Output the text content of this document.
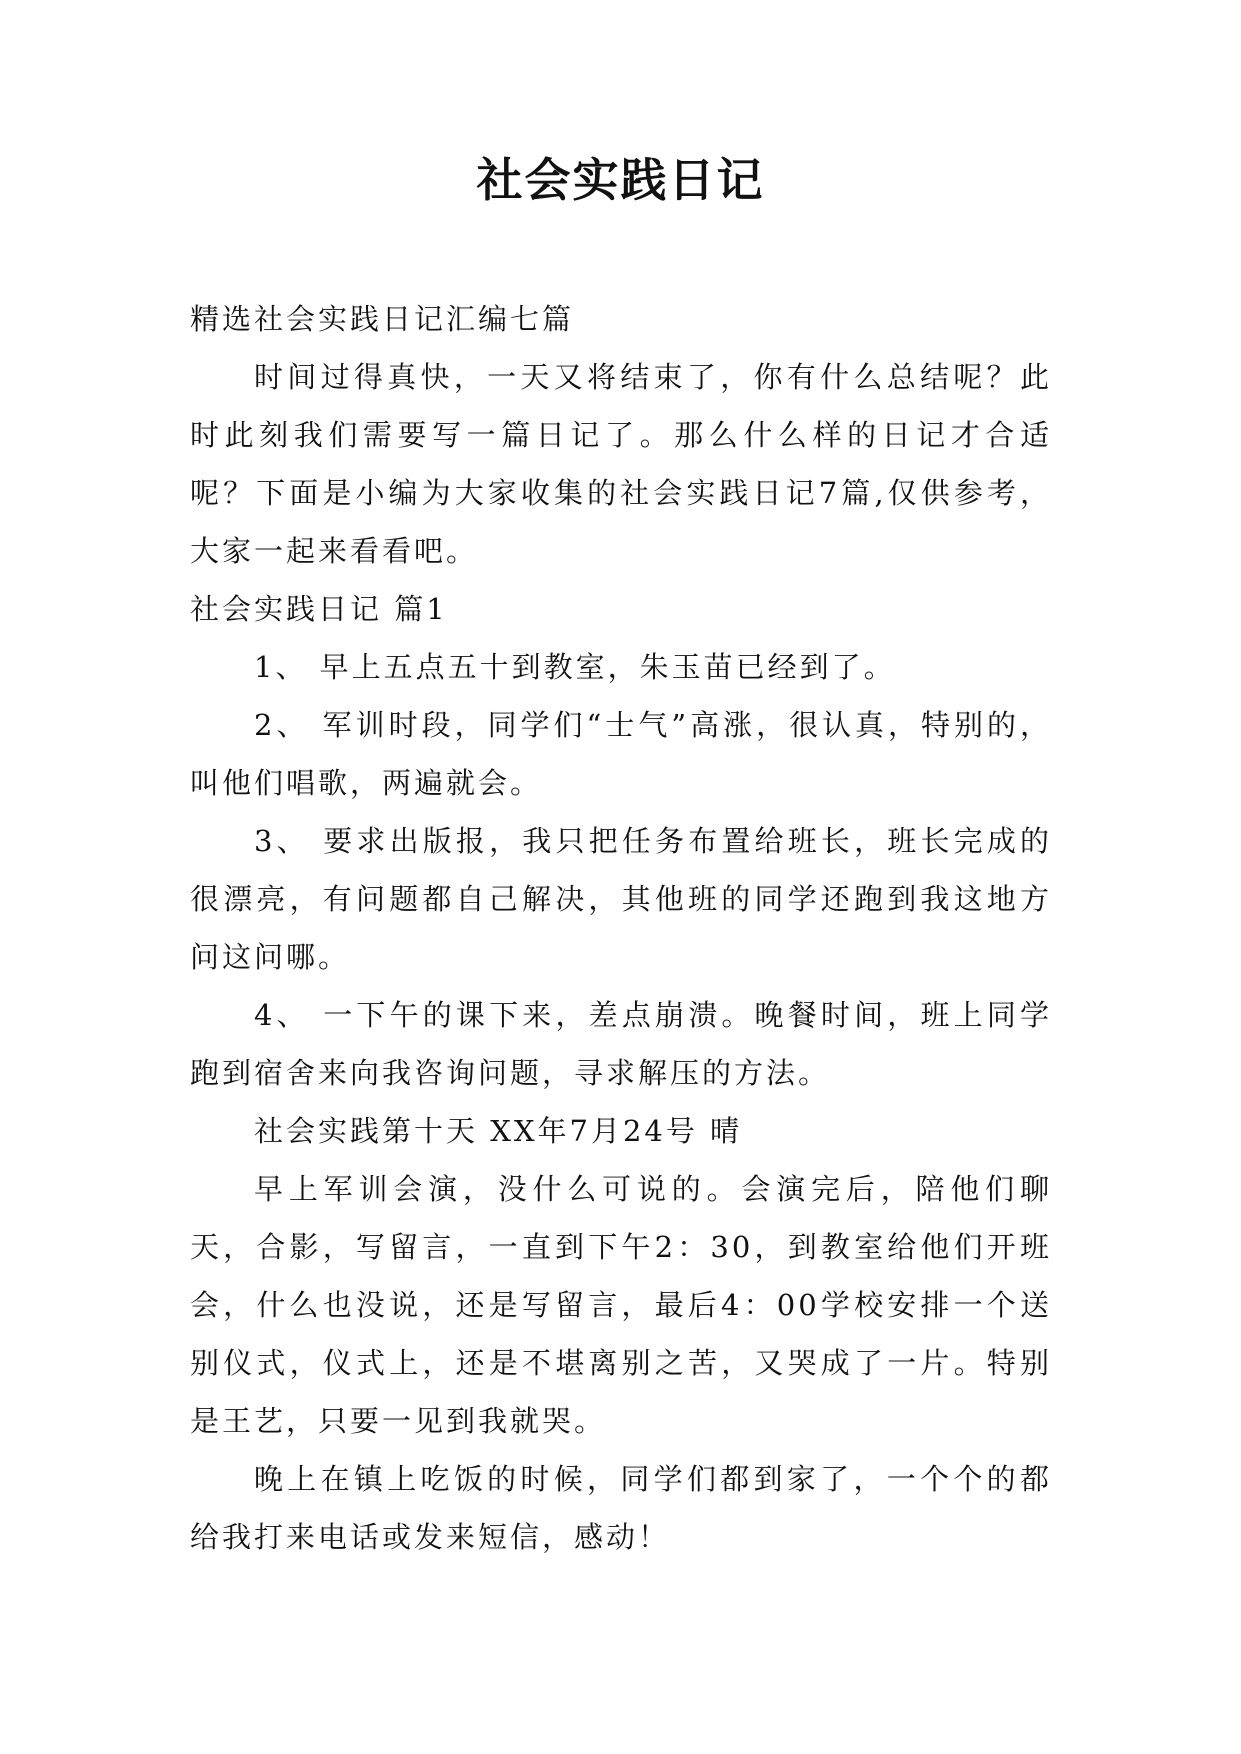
社会实践日记

精选社会实践日记汇编七篇

时间过得真快，一天又将结束了，你有什么总结呢？此时此刻我们需要写一篇日记了。那么什么样的日记才合适呢？下面是小编为大家收集的社会实践日记7篇,仅供参考，大家一起来看看吧。

社会实践日记 篇1

1、 早上五点五十到教室，朱玉苗已经到了。

2、 军训时段，同学们“士气”高涨，很认真，特别的，叫他们唱歌，两遍就会。

3、 要求出版报，我只把任务布置给班长，班长完成的很漂亮，有问题都自己解决，其他班的同学还跑到我这地方问这问哪。

4、 一下午的课下来，差点崩溃。晚餐时间，班上同学跑到宿舍来向我咨询问题，寻求解压的方法。

社会实践第十天 XX年7月24号 晴

早上军训会演，没什么可说的。会演完后，陪他们聊天，合影，写留言，一直到下午2：30，到教室给他们开班会，什么也没说，还是写留言，最后4：00学校安排一个送别仪式，仪式上，还是不堪离别之苦，又哭成了一片。特别是王艺，只要一见到我就哭。

晚上在镇上吃饭的时候，同学们都到家了，一个个的都给我打来电话或发来短信，感动！
